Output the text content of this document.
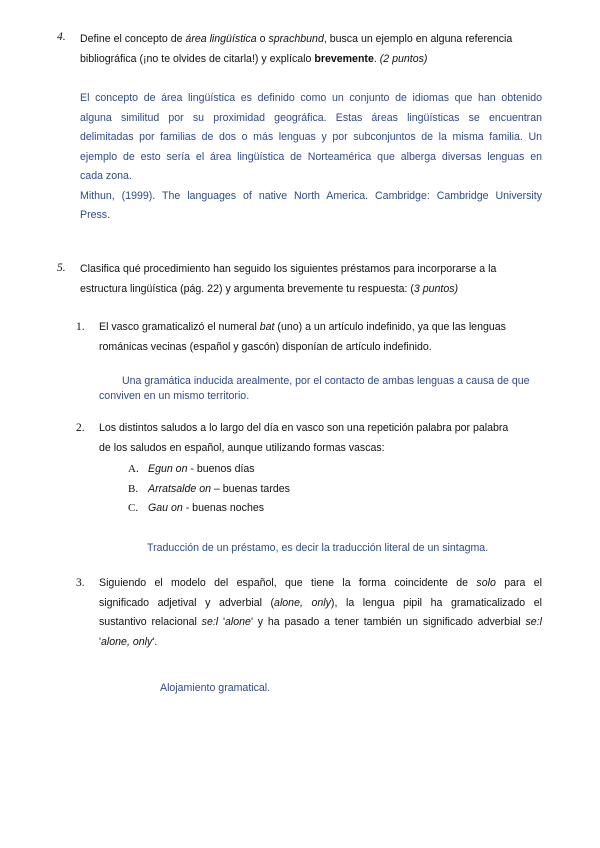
4. Define el concepto de área lingüística o sprachbund, busca un ejemplo en alguna referencia
bibliográfica (¡no te olvides de citarla!) y explícalo brevemente. (2 puntos)
El concepto de área lingüística es definido como un conjunto de idiomas que han obtenido
alguna similitud por su proximidad geográfica. Estas áreas lingüísticas se encuentran
delimitadas por familias de dos o más lenguas y por subconjuntos de la misma familia. Un
ejemplo de esto sería el área lingüística de Norteamérica que alberga diversas lenguas en
cada zona.
Mithun, (1999). The languages of native North America. Cambridge: Cambridge University
Press.
5. Clasifica qué procedimiento han seguido los siguientes préstamos para incorporarse a la
estructura lingüística (pág. 22) y argumenta brevemente tu respuesta: (3 puntos)
1. El vasco gramaticalizó el numeral bat (uno) a un artículo indefinido, ya que las lenguas
románicas vecinas (español y gascón) disponían de artículo indefinido.
Una gramática inducida arealmente, por el contacto de ambas lenguas a causa de que
conviven en un mismo territorio.
2. Los distintos saludos a lo largo del día en vasco son una repetición palabra por palabra
de los saludos en español, aunque utilizando formas vascas:
A. Egun on - buenos días
B. Arratsalde on – buenas tardes
C. Gau on - buenas noches
Traducción de un préstamo, es decir la traducción literal de un sintagma.
3. Siguiendo el modelo del español, que tiene la forma coincidente de solo para el
significado adjetival y adverbial (alone, only), la lengua pipil ha gramaticalizado el
sustantivo relacional se:l 'alone' y ha pasado a tener también un significado adverbial se:l
'alone, only'.
Alojamiento gramatical.
